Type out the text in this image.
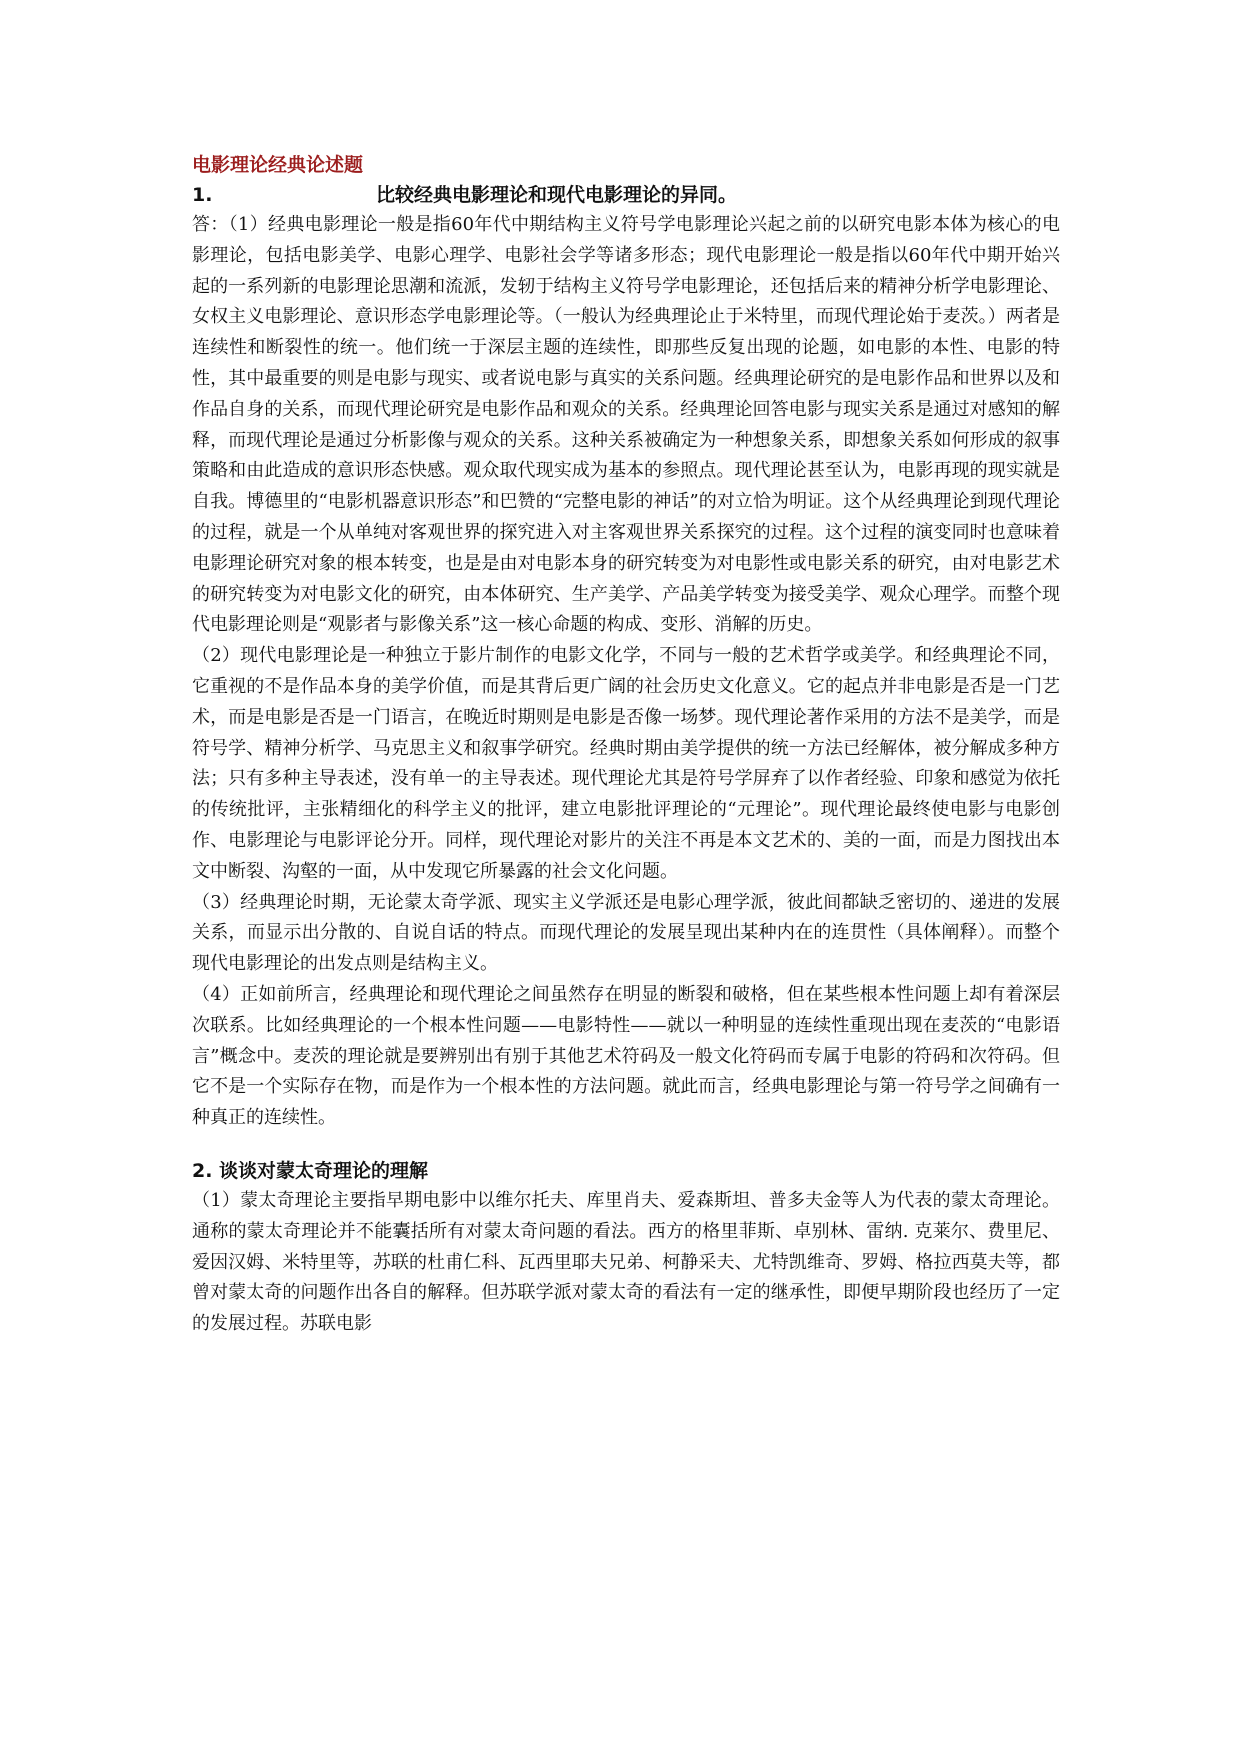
电影理论经典论述题
1.	比较经典电影理论和现代电影理论的异同。

答：（1）经典电影理论一般是指60年代中期结构主义符号学电影理论兴起之前的以研究电影本体为核心的电影理论，包括电影美学、电影心理学、电影社会学等诸多形态；现代电影理论一般是指以60年代中期开始兴起的一系列新的电影理论思潮和流派，发轫于结构主义符号学电影理论，还包括后来的精神分析学电影理论、女权主义电影理论、意识形态学电影理论等。（一般认为经典理论止于米特里，而现代理论始于麦茨。）两者是连续性和断裂性的统一。他们统一于深层主题的连续性，即那些反复出现的论题，如电影的本性、电影的特性，其中最重要的则是电影与现实、或者说电影与真实的关系问题。经典理论研究的是电影作品和世界以及和作品自身的关系，而现代理论研究是电影作品和观众的关系。经典理论回答电影与现实关系是通过对感知的解释，而现代理论是通过分析影像与观众的关系。这种关系被确定为一种想象关系，即想象关系如何形成的叙事策略和由此造成的意识形态快感。观众取代现实成为基本的参照点。现代理论甚至认为，电影再现的现实就是自我。博德里的“电影机器意识形态”和巴赞的“完整电影的神话”的对立恰为明证。这个从经典理论到现代理论的过程，就是一个从单纯对客观世界的探究进入对主客观世界关系探究的过程。这个过程的演变同时也意味着电影理论研究对象的根本转变，也是是由对电影本身的研究转变为对电影性或电影关系的研究，由对电影艺术的研究转变为对电影文化的研究，由本体研究、生产美学、产品美学转变为接受美学、观众心理学。而整个现代电影理论则是“观影者与影像关系”这一核心命题的构成、变形、消解的历史。

（2）现代电影理论是一种独立于影片制作的电影文化学，不同与一般的艺术哲学或美学。和经典理论不同，它重视的不是作品本身的美学价值，而是其背后更广阔的社会历史文化意义。它的起点并非电影是否是一门艺术，而是电影是否是一门语言，在晚近时期则是电影是否像一场梦。现代理论著作采用的方法不是美学，而是符号学、精神分析学、马克思主义和叙事学研究。经典时期由美学提供的统一方法已经解体，被分解成多种方法；只有多种主导表述，没有单一的主导表述。现代理论尤其是符号学屏弃了以作者经验、印象和感觉为依托的传统批评，主张精细化的科学主义的批评，建立电影批评理论的“元理论”。现代理论最终使电影与电影创作、电影理论与电影评论分开。同样，现代理论对影片的关注不再是本文艺术的、美的一面，而是力图找出本文中断裂、沟壑的一面，从中发现它所暴露的社会文化问题。

（3）经典理论时期，无论蒙太奇学派、现实主义学派还是电影心理学派，彼此间都缺乏密切的、递进的发展关系，而显示出分散的、自说自话的特点。而现代理论的发展呈现出某种内在的连贯性（具体阐释）。而整个现代电影理论的出发点则是结构主义。

（4）正如前所言，经典理论和现代理论之间虽然存在明显的断裂和破格，但在某些根本性问题上却有着深层次联系。比如经典理论的一个根本性问题——电影特性——就以一种明显的连续性重现出现在麦茨的“电影语言”概念中。麦茨的理论就是要辨别出有别于其他艺术符码及一般文化符码而专属于电影的符码和次符码。但它不是一个实际存在物，而是作为一个根本性的方法问题。就此而言，经典电影理论与第一符号学之间确有一种真正的连续性。

2. 谈谈对蒙太奇理论的理解

（1）蒙太奇理论主要指早期电影中以维尔托夫、库里肖夫、爱森斯坦、普多夫金等人为代表的蒙太奇理论。通称的蒙太奇理论并不能囊括所有对蒙太奇问题的看法。西方的格里菲斯、卓别林、雷纳. 克莱尔、费里尼、爱因汉姆、米特里等，苏联的杜甫仁科、瓦西里耶夫兄弟、柯静采夫、尤特凯维奇、罗姆、格拉西莫夫等，都曾对蒙太奇的问题作出各自的解释。但苏联学派对蒙太奇的看法有一定的继承性，即便早期阶段也经历了一定的发展过程。苏联电影
